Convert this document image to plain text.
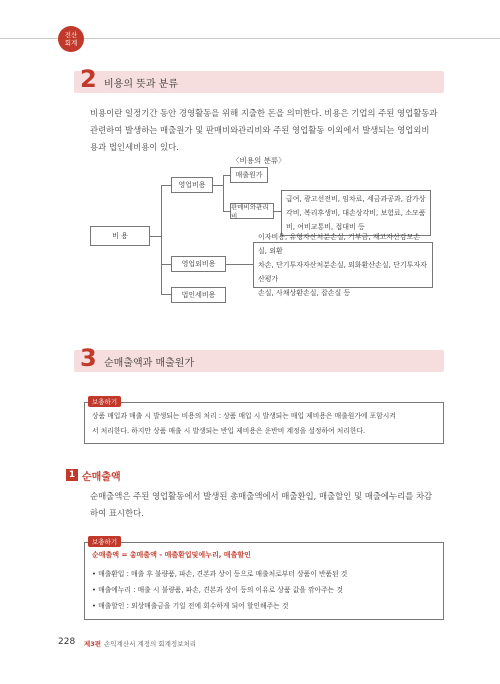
전산
회계
2 비용의 뜻과 분류
비용이란 일정기간 동안 경영활동을 위해 지출한 돈을 의미한다. 비용은 기업의 주된 영업활동과
관련하여 발생하는 매출원가 및 판매비와관리비와 주된 영업활동 이외에서 발생되는 영업외비
용과 법인세비용이 있다.
〈비용의 분류〉
비 용
영업비용
영업외비용
법인세비용
매출원가
판매비와관리비
급여, 광고선전비, 임차료, 세금과공과, 감가상
각비, 복리후생비, 대손상각비, 보험료, 소모품
비, 여비교통비, 접대비 등
이자비용, 유형자산처분손실, 기부금, 재고자산감모손실, 외환
차손, 단기투자자산처분손실, 외화환산손실, 단기투자자산평가
손실, 사채상환손실, 잡손실 등
3 순매출액과 매출원가
보충하기
상품 매입과 매출 시 발생되는 비용의 처리 : 상품 매입 시 발생되는 매입 제비용은 매출원가에 포함시켜
서 처리한다. 하지만 상품 매출 시 발생되는 반입 제비용은 운반비 계정을 설정하여 처리한다.
1 순매출액
순매출액은 주된 영업활동에서 발생된 총매출액에서 매출환입, 매출할인 및 매출에누리를 차감
하여 표시한다.
보충하기
순매출액 = 총매출액 - 매출환입및에누리, 매출할인
• 매출환입 : 매출 후 불량품, 파손, 견본과 상이 등으로 매출처로부터 상품이 반품된 것
• 매출에누리 : 매출 시 불량품, 파손, 견본과 상이 등의 이유로 상품 값을 깎아주는 것
• 매출할인 : 외상매출금을 기일 전에 회수하게 되어 할인해주는 것
228 제3편 손익계산서 계정의 회계정보처리
